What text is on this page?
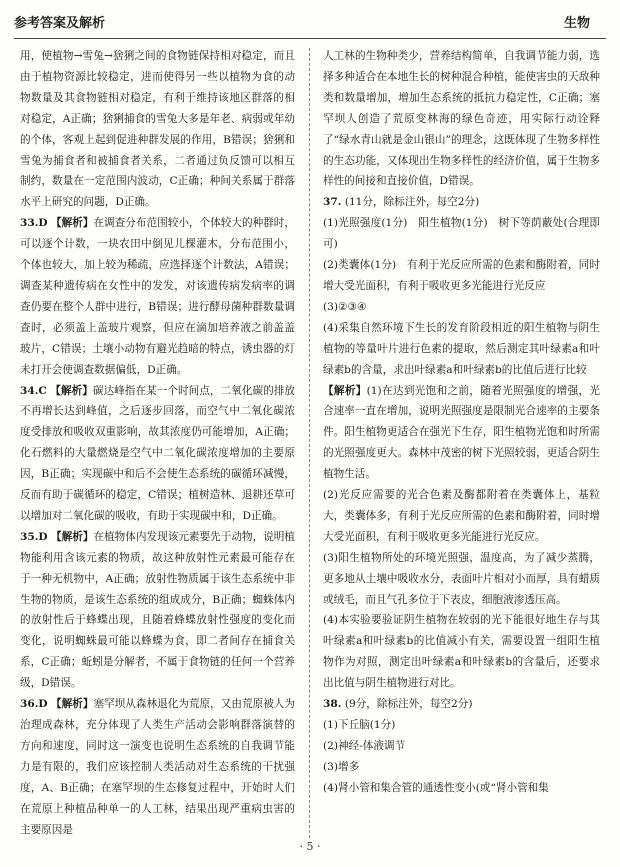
参考答案及解析	生物

用，使植物→雪兔→猞猁之间的食物链保持相对稳定，而且由于植物资源比较稳定，进而使得另一些以植物为食的动物数量及其食物链相对稳定，有利于维持该地区群落的相对稳定，A正确；猞猁捕食的雪兔大多是年老、病弱或年幼的个体，客观上起到促进种群发展的作用，B错误；猞猁和雪兔为捕食者和被捕食者关系，二者通过负反馈可以相互制约，数量在一定范围内波动，C正确；种间关系属于群落水平上研究的问题，D正确。

33.D 【解析】在调查分布范围较小，个体较大的种群时，可以逐个计数，一块农田中倒见儿棵灌木，分布范围小，个体也较大，加上较为稀疏，应选择逐个计数法，A错误；调查某种遗传病在女性中的发发，对该遗传病发病率的调查仍要在整个人群中进行，B错误；进行酵母菌种群数量调查时，必须盖上盖玻片观察，但应在滴加培养液之前盖盖玻片，C错误；土壤小动物有避光趋暗的特点，诱虫器的灯未打开会使调查数据偏低，D正确。

34.C 【解析】碳达峰指在某一个时间点，二氧化碳的排放不再增长达到峰值，之后逐步回落，而空气中二氧化碳浓度受排放和吸收双重影响，故其浓度仍可能增加，A正确；化石燃料的大量燃烧是空气中二氧化碳浓度增加的主要原因，B正确；实现碳中和后不会使生态系统的碳循环减慢，反而有助于碳循环的稳定，C错误；植树造林、退耕还草可以增加对二氧化碳的吸收，有助于实现碳中和，D正确。

35.D 【解析】在植物体内发现该元素要先于动物，说明植物能利用含该元素的物质，故这种放射性元素最可能存在于一种无机物中，A正确；放射性物质属于该生态系统中非生物的物质，是该生态系统的组成成分，B正确；蜘蛛体内的放射性后于蜂蝶出现，且随着蜂蝶放射性强度的变化而变化，说明蜘蛛最可能以蜂蝶为食，即二者间存在捕食关系，C正确；蚯蚓是分解者，不属于食物链的任何一个营养级，D错误。

36.D 【解析】塞罕坝从森林退化为荒原，又由荒原被人为治理成森林，充分体现了人类生产活动会影响群落演替的方向和速度，同时这一演变也说明生态系统的自我调节能力是有限的，我们应该控制人类活动对生态系统的干扰强度，A、B正确；在塞罕坝的生态修复过程中，开始时人们在荒原上种植品种单一的人工林，结果出现严重病虫害的主要原因是

人工林的生物种类少，营养结构简单，自我调节能力弱，选择多种适合在本地生长的树种混合种植，能使害虫的天敌种类和数量增加，增加生态系统的抵抗力稳定性，C正确；塞罕坝人创造了荒原变林海的绿色奇迹，用实际行动诠释了“绿水青山就是金山银山”的理念，这既体现了生物多样性的生态功能，又体现出生物多样性的经济价值，属于生物多样性的间接和直接价值，D错误。

37. (11分，除标注外，每空2分)

(1)光照强度(1分)　阳生植物(1分)　树下等荫蔽处(合理即可)

(2)类囊体(1分)　有利于光反应所需的色素和酶附着，同时增大受光面积，有利于吸收更多光能进行光反应

(3)②③④

(4)采集自然环境下生长的发育阶段相近的阳生植物与阴生植物的等量叶片进行色素的提取，然后测定其叶绿素a和叶绿素b的含量，求出叶绿素a和叶绿素b的比值后进行比较

【解析】(1)在达到光饱和之前，随着光照强度的增强，光合速率一直在增加，说明光照强度是限制光合速率的主要条件。阳生植物更适合在强光下生存，阳生植物光饱和时所需的光照强度更大。森林中茂密的树下光照较弱，更适合阴生植物生活。

(2)光反应需要的光合色素及酶都附着在类囊体上，基粒大，类囊体多，有利于光反应所需的色素和酶附着，同时增大受光面积，有利于吸收更多光能进行光反应。

(3)阳生植物所处的环境光照强，温度高，为了减少蒸腾，更多地从土壤中吸收水分，表面叶片相对小而厚，具有蜡质或绒毛，而且气孔多位于下表皮，细胞液渗透压高。

(4)本实验要验证阴生植物在较弱的光下能很好地生存与其叶绿素a和叶绿素b的比值减小有关，需要设置一组阳生植物作为对照，测定出叶绿素a和叶绿素b的含量后，还要求出比值与阴生植物进行对比。

38. (9分，除标注外，每空2分)

(1)下丘脑(1分)

(2)神经-体液调节

(3)增多

(4)肾小管和集合管的通透性变小(或“肾小管和集

· 5 ·
